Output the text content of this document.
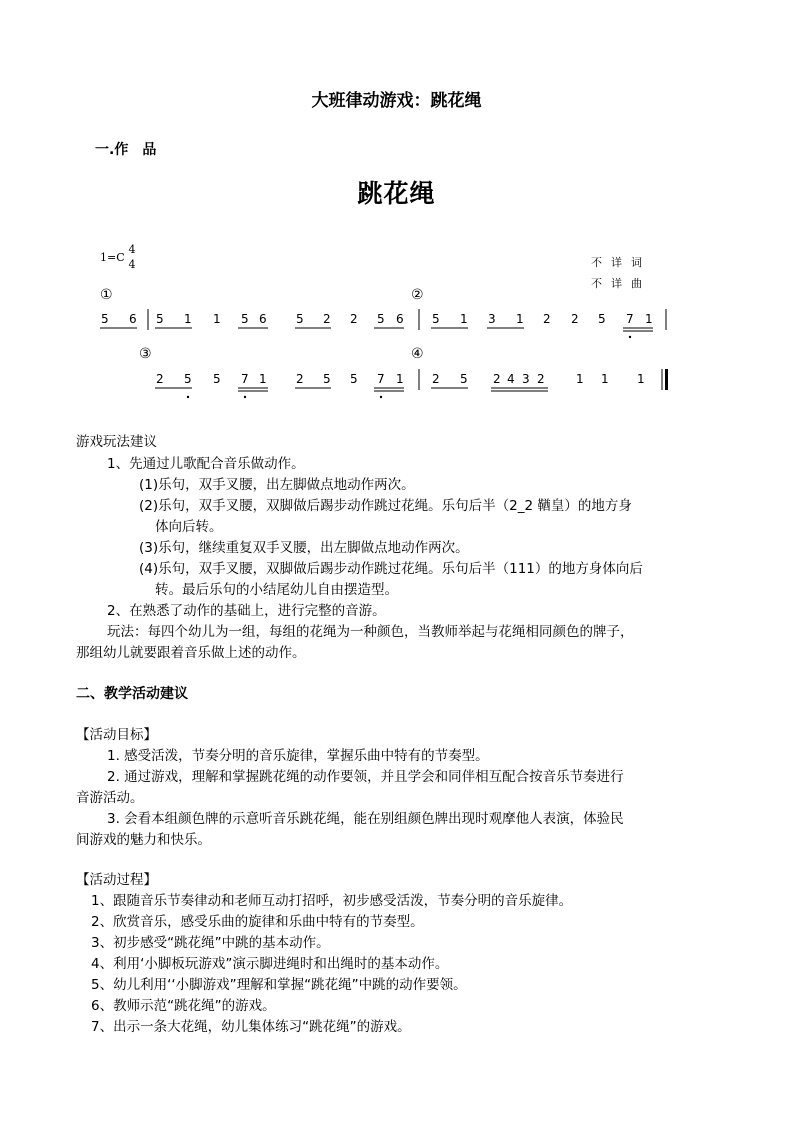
大班律动游戏：跳花绳
一.作　品
跳花绳
1=C
4
4	不详词
不详曲
①	②
③	④
5 6 5 1 1 5 6 5 2 2 5 6 5 1 3 1 2 2 5 7 1
2 5 5 7 1 2 5 5 7 1 2 5 2 4 3 2	1 1 1
游戏玩法建议
1、先通过儿歌配合音乐做动作。
(1)乐句，双手叉腰，出左脚做点地动作两次。
(2)乐句，双手叉腰，双脚做后踢步动作跳过花绳。乐句后半（2_2 鞧皇）的地方身
体向后转。
(3)乐句，继续重复双手叉腰，出左脚做点地动作两次。
(4)乐句，双手叉腰，双脚做后踢步动作跳过花绳。乐句后半（111）的地方身体向后
转。最后乐句的小结尾幼儿自由摆造型。
2、在熟悉了动作的基础上，进行完整的音游。
玩法：每四个幼儿为一组，每组的花绳为一种颜色，当教师举起与花绳相同颜色的牌子，
那组幼儿就要跟着音乐做上述的动作。
二、教学活动建议
【活动目标】
1. 感受活泼，节奏分明的音乐旋律，掌握乐曲中特有的节奏型。
2. 通过游戏，理解和掌握跳花绳的动作要领，并且学会和同伴相互配合按音乐节奏进行
音游活动。
3. 会看本组颜色牌的示意听音乐跳花绳，能在别组颜色牌出现时观摩他人表演，体验民
间游戏的魅力和快乐。
【活动过程】
1、跟随音乐节奏律动和老师互动打招呼，初步感受活泼，节奏分明的音乐旋律。
2、欣赏音乐，感受乐曲的旋律和乐曲中特有的节奏型。
3、初步感受“跳花绳”中跳的基本动作。
4、利用‘小脚板玩游戏”演示脚进绳时和出绳时的基本动作。
5、幼儿利用‘‘小脚游戏”理解和掌握“跳花绳”中跳的动作要领。
6、教师示范“跳花绳”的游戏。
7、出示一条大花绳，幼儿集体练习“跳花绳”的游戏。
